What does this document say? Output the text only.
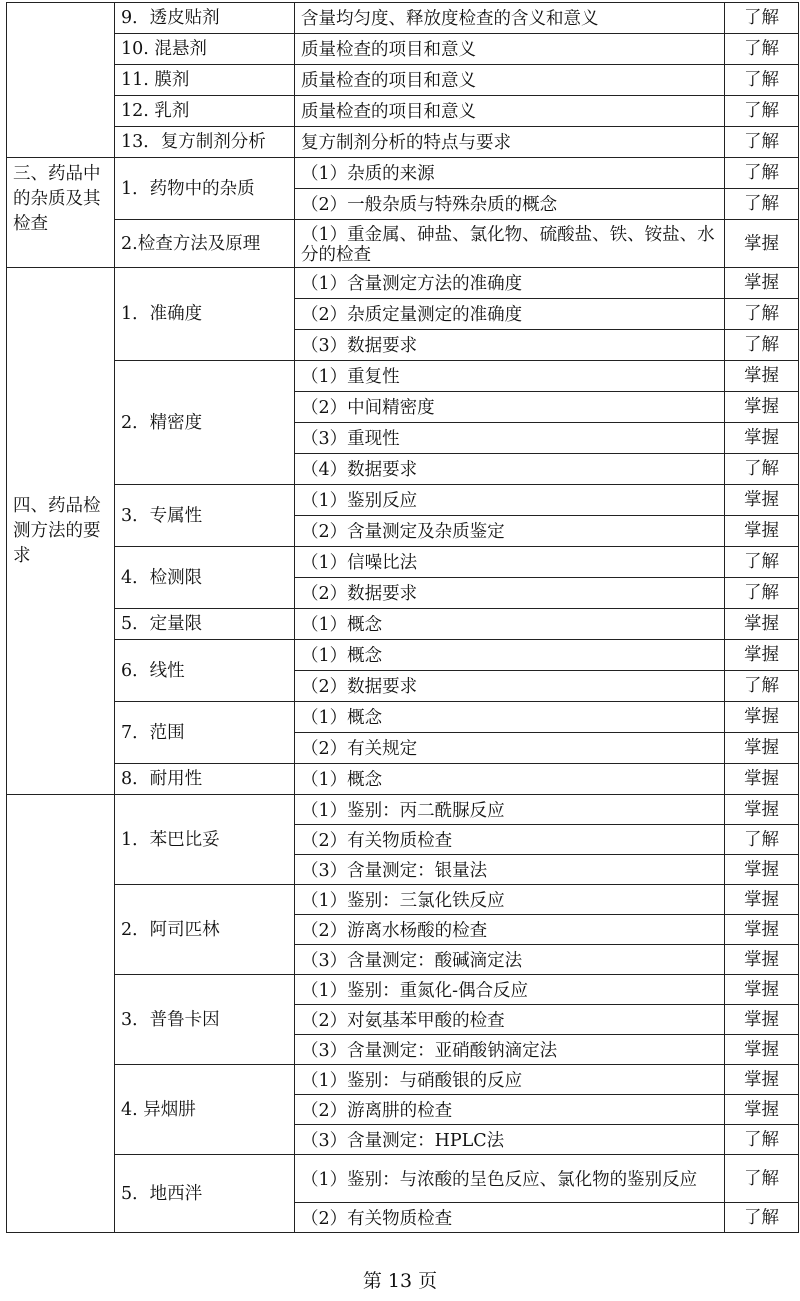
	9．透皮贴剂	含量均匀度、释放度检查的含义和意义	了解
	10. 混悬剂	质量检查的项目和意义	了解
	11. 膜剂	质量检查的项目和意义	了解
	12. 乳剂	质量检查的项目和意义	了解
	13．复方制剂分析	复方制剂分析的特点与要求	了解
三、药品中的杂质及其检查	1．药物中的杂质	（1）杂质的来源	了解
		（2）一般杂质与特殊杂质的概念	了解
	2.检查方法及原理	（1）重金属、砷盐、氯化物、硫酸盐、铁、铵盐、水分的检查	掌握
四、药品检测方法的要求	1．准确度	（1）含量测定方法的准确度	掌握
		（2）杂质定量测定的准确度	了解
		（3）数据要求	了解
	2．精密度	（1）重复性	掌握
		（2）中间精密度	掌握
		（3）重现性	掌握
		（4）数据要求	了解
	3．专属性	（1）鉴别反应	掌握
		（2）含量测定及杂质鉴定	掌握
	4．检测限	（1）信噪比法	了解
		（2）数据要求	了解
	5．定量限	（1）概念	掌握
	6．线性	（1）概念	掌握
		（2）数据要求	了解
	7．范围	（1）概念	掌握
		（2）有关规定	掌握
	8．耐用性	（1）概念	掌握
	1．苯巴比妥	（1）鉴别：丙二酰脲反应	掌握
		（2）有关物质检查	了解
		（3）含量测定：银量法	掌握
	2．阿司匹林	（1）鉴别：三氯化铁反应	掌握
		（2）游离水杨酸的检查	掌握
		（3）含量测定：酸碱滴定法	掌握
	3．普鲁卡因	（1）鉴别：重氮化-偶合反应	掌握
		（2）对氨基苯甲酸的检查	掌握
		（3）含量测定：亚硝酸钠滴定法	掌握
	4. 异烟肼	（1）鉴别：与硝酸银的反应	掌握
		（2）游离肼的检查	掌握
		（3）含量测定：HPLC法	了解
	5．地西泮	（1）鉴别：与浓酸的呈色反应、氯化物的鉴别反应	了解
		（2）有关物质检查	了解
第 13 页
